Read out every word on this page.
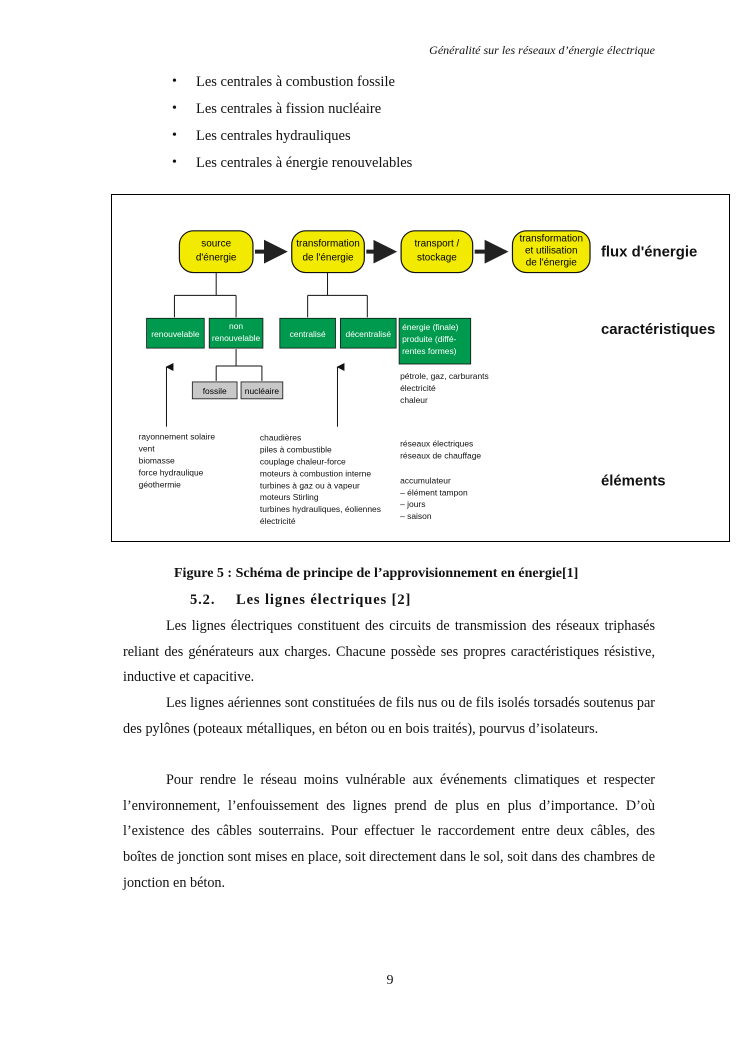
Généralité sur les réseaux d’énergie électrique
• Les centrales à combustion fossile
• Les centrales à fission nucléaire
• Les centrales hydrauliques
• Les centrales à énergie renouvelables
source
d'énergie
transformation
de l'énergie
transport /
stockage
transformation
et utilisation
de l'énergie
flux d'énergie
caractéristiques
éléments
renouvelable
non
renouvelable	centralisé décentralisé
énergie (finale)
produite (diffé-
rentes formes)
fossile nucléaire
pétrole, gaz, carburants
électricité
chaleur
rayonnement solaire
vent
biomasse
force hydraulique
géothermie
chaudières
piles à combustible
couplage chaleur-force
moteurs à combustion interne
turbines à gaz ou à vapeur
moteurs Stirling
turbines hydrauliques, éoliennes
électricité
réseaux électriques
réseaux de chauffage
accumulateur
– élément tampon
– jours
– saison
Figure 5 : Schéma de principe de l’approvisionnement en énergie[1]
5.2. Les lignes électriques [2]

Les lignes électriques constituent des circuits de transmission des réseaux triphasés reliant des générateurs aux charges. Chacune possède ses propres caractéristiques résistive, inductive et capacitive.

Les lignes aériennes sont constituées de fils nus ou de fils isolés torsadés soutenus par des pylônes (poteaux métalliques, en béton ou en bois traités), pourvus d’isolateurs.

Pour rendre le réseau moins vulnérable aux événements climatiques et respecter l’environnement, l’enfouissement des lignes prend de plus en plus d’importance. D’où l’existence des câbles souterrains. Pour effectuer le raccordement entre deux câbles, des boîtes de jonction sont mises en place, soit directement dans le sol, soit dans des chambres de jonction en béton.

9
